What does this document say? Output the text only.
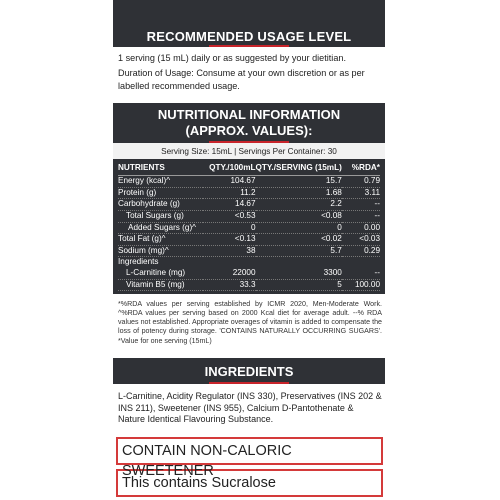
RECOMMENDED USAGE LEVEL

1 serving (15 mL) daily or as suggested by your dietitian.

Duration of Usage: Consume at your own discretion or as per labelled recommended usage.

NUTRITIONAL INFORMATION
(APPROX. VALUES):
Serving Size: 15mL | Servings Per Container: 30
NUTRIENTS	QTY./100mL	QTY./SERVING (15mL)	%RDA*
Energy (kcal)^	104.67	15.7	0.79
Protein (g)	11.2	1.68	3.11
Carbohydrate (g)	14.67	2.2	--
Total Sugars (g)	<0.53	<0.08	--
Added Sugars (g)^	0	0	0.00
Total Fat (g)^	<0.13	<0.02	<0.03
Sodium (mg)^	38	5.7	0.29
Ingredients			
L-Carnitine (mg)	22000	3300	--
Vitamin B5 (mg)	33.3	5	100.00

*%RDA values per serving established by ICMR 2020, Men-Moderate Work. ^%RDA values per serving based on 2000 Kcal diet for average adult. --% RDA values not established. Appropriate overages of vitamin is added to compensate the loss of potency during storage. 'CONTAINS NATURALLY OCCURRING SUGARS'. *Value for one serving (15mL)

INGREDIENTS

L-Carnitine, Acidity Regulator (INS 330), Preservatives (INS 202 & INS 211), Sweetener (INS 955), Calcium D-Pantothenate & Nature Identical Flavouring Substance.

CONTAIN NON-CALORIC SWEETENER
This contains Sucralose
